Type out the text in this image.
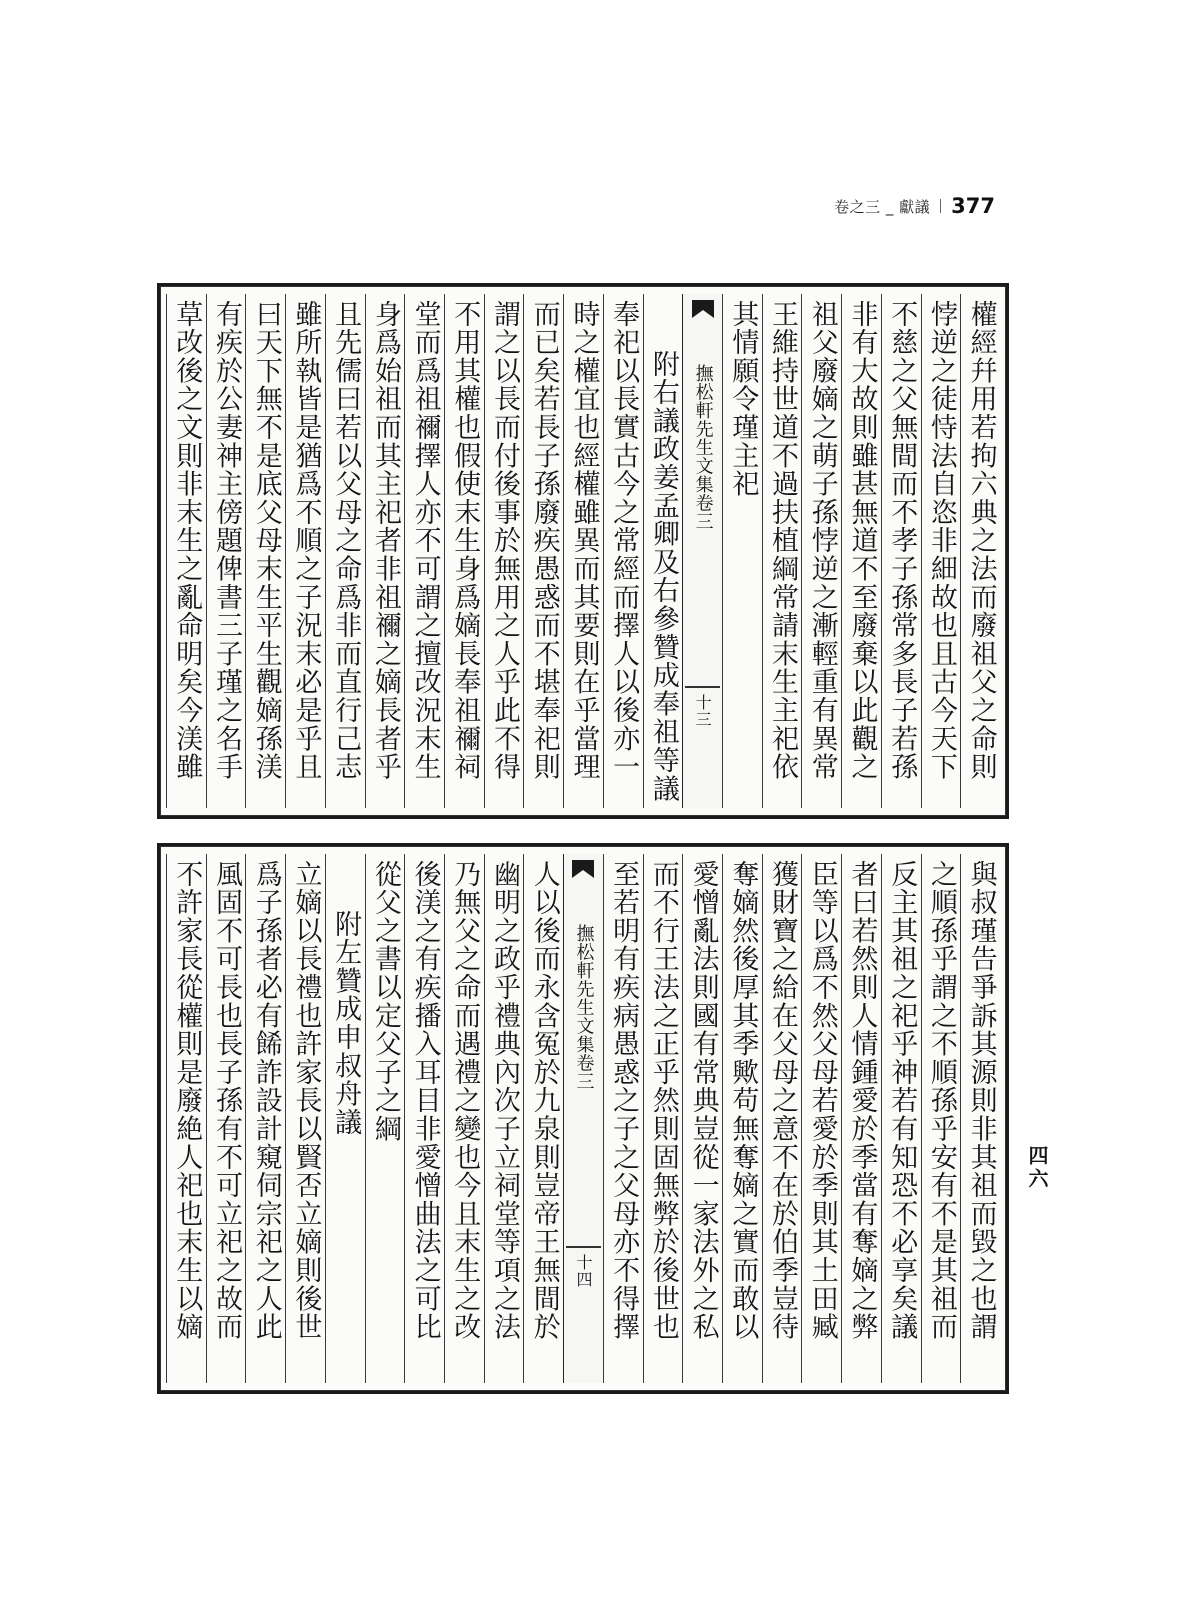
卷之三 _ 獻議 377
權經幷用若拘六典之法而廢祖父之命則
悖逆之徒恃法自恣非細故也且古今天下
不慈之父無間而不孝子孫常多長子若孫
非有大故則雖甚無道不至廢棄以此觀之
祖父廢嫡之萌子孫悖逆之漸輕重有異常
王維持世道不過扶植綱常請末生主祀依
其情願令瑾主祀
撫松軒先生文集卷三
十三
附右議政姜孟卿及右參贊成奉祖等議
奉祀以長實古今之常經而擇人以後亦一
時之權宜也經權雖異而其要則在乎當理
而已矣若長子孫廢疾愚惑而不堪奉祀則
謂之以長而付後事於無用之人乎此不得
不用其權也假使末生身爲嫡長奉祖禰祠
堂而爲祖禰擇人亦不可謂之擅改況末生
身爲始祖而其主祀者非祖禰之嫡長者乎
且先儒曰若以父母之命爲非而直行己志
雖所執皆是猶爲不順之子況末必是乎且
曰天下無不是底父母末生平生觀嫡孫渼
有疾於公妻神主傍題俾書三子瑾之名手
草改後之文則非末生之亂命明矣今渼雖
與叔瑾告爭訴其源則非其祖而毀之也謂
之順孫乎謂之不順孫乎安有不是其祖而
反主其祖之祀乎神若有知恐不必享矣議
者曰若然則人情鍾愛於季當有奪嫡之弊
臣等以爲不然父母若愛於季則其土田臧
獲財寶之給在父母之意不在於伯季豈待
奪嫡然後厚其季歟苟無奪嫡之實而敢以
愛憎亂法則國有常典豈從一家法外之私
而不行王法之正乎然則固無弊於後世也
至若明有疾病愚惑之子之父母亦不得擇
撫松軒先生文集卷三
十四
人以後而永含冤於九泉則豈帝王無間於
幽明之政乎禮典內次子立祠堂等項之法
乃無父之命而遇禮之變也今且末生之改
後渼之有疾播入耳目非愛憎曲法之可比
從父之書以定父子之綱
附左贊成申叔舟議
立嫡以長禮也許家長以賢否立嫡則後世
爲子孫者必有餙詐設計窺伺宗祀之人此
風固不可長也長子孫有不可立祀之故而
不許家長從權則是廢絶人祀也末生以嫡	四六
